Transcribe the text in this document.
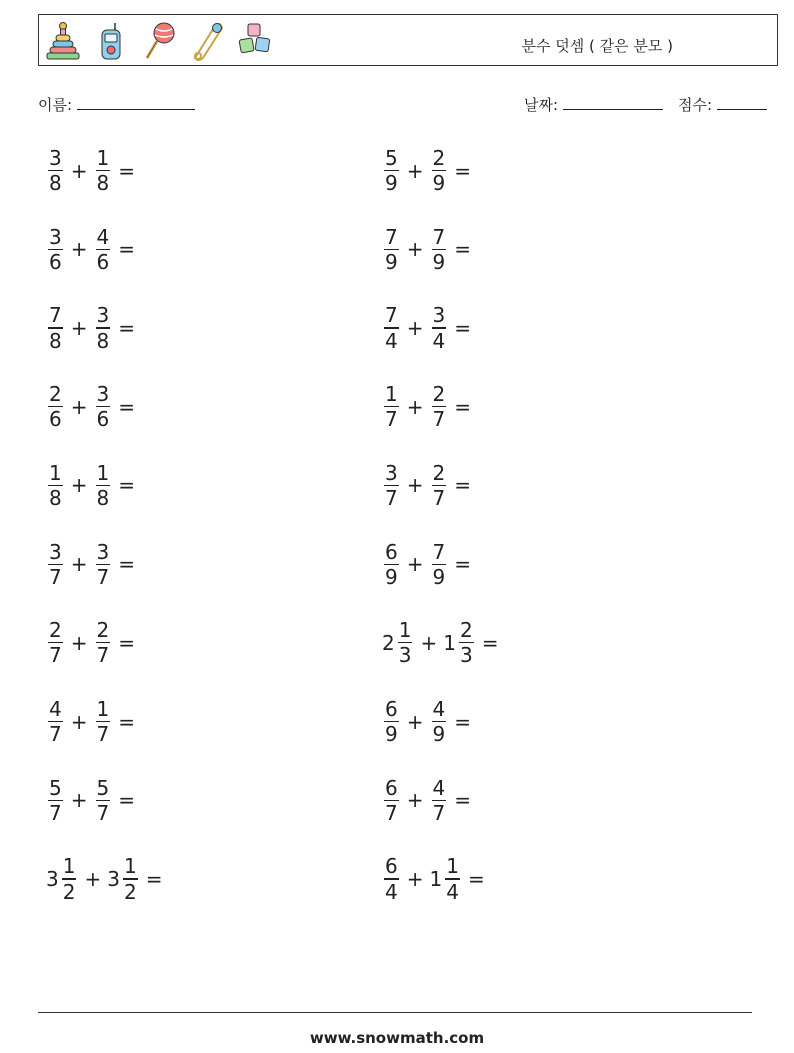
분수 덧셈 ( 같은 분모 )
이름:	날짜:	점수:
$\frac{3}{8} + \frac{1}{8}$ =
$\frac{3}{6} + \frac{4}{6}$ =
$\frac{7}{8} + \frac{3}{8}$ =
$\frac{2}{6} + \frac{3}{6}$ =
$\frac{1}{8} + \frac{1}{8}$ =
$\frac{3}{7} + \frac{3}{7}$ =
$\frac{2}{7} + \frac{2}{7}$ =
$\frac{4}{7} + \frac{1}{7}$ =
$\frac{5}{7} + \frac{5}{7}$ =
$3 \frac{1}{2} + 3 \frac{1}{2}$ =
$\frac{5}{9} + \frac{2}{9}$ =
$\frac{7}{9} + \frac{7}{9}$ =
$\frac{7}{4} + \frac{3}{4}$ =
$\frac{1}{7} + \frac{2}{7}$ =
$\frac{3}{7} + \frac{2}{7}$ =
$\frac{6}{9} + \frac{7}{9}$ =
$2 \frac{1}{3} + 1 \frac{2}{3}$ =
$\frac{6}{9} + \frac{4}{9}$ =
$\frac{6}{7} + \frac{4}{7}$ =
$\frac{6}{4} + 1 \frac{1}{4}$ =
www.snowmath.com
